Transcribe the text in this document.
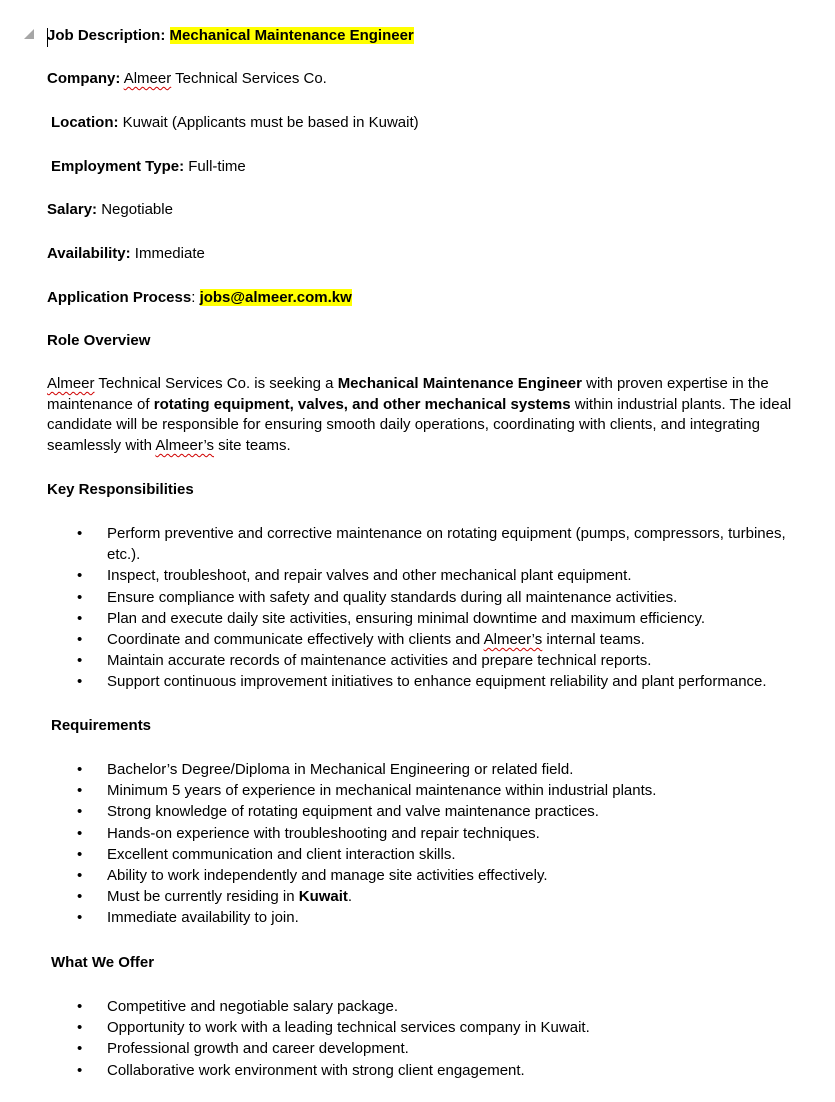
Job Description: Mechanical Maintenance Engineer
Company: Almeer Technical Services Co.
Location: Kuwait (Applicants must be based in Kuwait)
Employment Type: Full-time
Salary: Negotiable
Availability: Immediate
Application Process: jobs@almeer.com.kw
Role Overview
Almeer Technical Services Co. is seeking a Mechanical Maintenance Engineer with proven expertise in the maintenance of rotating equipment, valves, and other mechanical systems within industrial plants. The ideal candidate will be responsible for ensuring smooth daily operations, coordinating with clients, and integrating seamlessly with Almeer’s site teams.
Key Responsibilities
•	Perform preventive and corrective maintenance on rotating equipment (pumps, compressors, turbines, etc.).
•	Inspect, troubleshoot, and repair valves and other mechanical plant equipment.
•	Ensure compliance with safety and quality standards during all maintenance activities.
•	Plan and execute daily site activities, ensuring minimal downtime and maximum efficiency.
•	Coordinate and communicate effectively with clients and Almeer’s internal teams.
•	Maintain accurate records of maintenance activities and prepare technical reports.
•	Support continuous improvement initiatives to enhance equipment reliability and plant performance.
Requirements
•	Bachelor’s Degree/Diploma in Mechanical Engineering or related field.
•	Minimum 5 years of experience in mechanical maintenance within industrial plants.
•	Strong knowledge of rotating equipment and valve maintenance practices.
•	Hands-on experience with troubleshooting and repair techniques.
•	Excellent communication and client interaction skills.
•	Ability to work independently and manage site activities effectively.
•	Must be currently residing in Kuwait.
•	Immediate availability to join.
What We Offer
•	Competitive and negotiable salary package.
•	Opportunity to work with a leading technical services company in Kuwait.
•	Professional growth and career development.
•	Collaborative work environment with strong client engagement.
